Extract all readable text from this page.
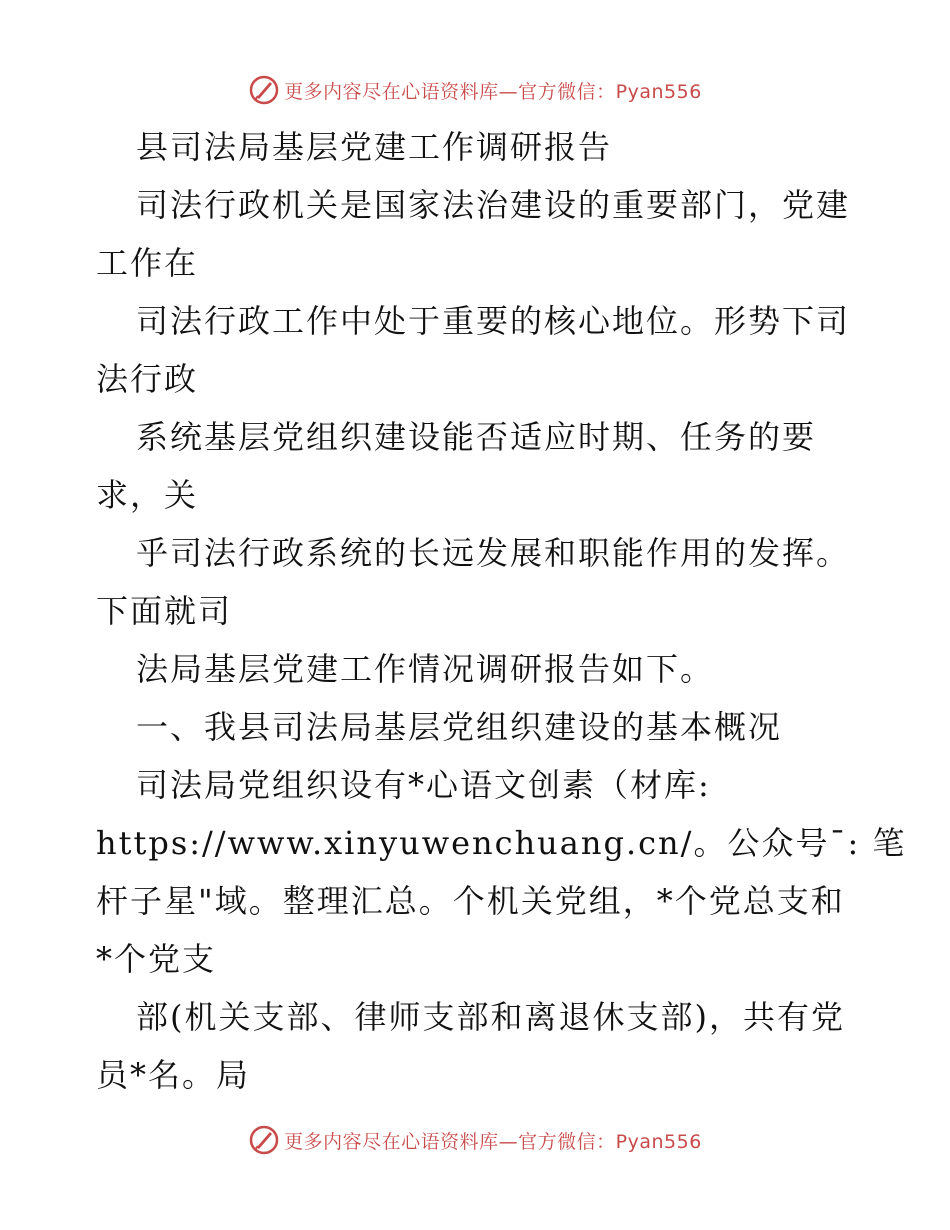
更多内容尽在心语资料库—官方微信：Pyan556
县司法局基层党建工作调研报告
司法行政机关是国家法治建设的重要部门，党建
工作在
司法行政工作中处于重要的核心地位。形势下司
法行政
系统基层党组织建设能否适应时期、任务的要
求，关
乎司法行政系统的长远发展和职能作用的发挥。
下面就司
法局基层党建工作情况调研报告如下。
一、我县司法局基层党组织建设的基本概况
司法局党组织设有*心语文创素（材库:
https://www.xinyuwenchuang.cn/。公众号¯: 笔
杆子星"域。整理汇总。个机关党组，*个党总支和
*个党支
部(机关支部、律师支部和离退休支部)，共有党
员*名。局
更多内容尽在心语资料库—官方微信：Pyan556
